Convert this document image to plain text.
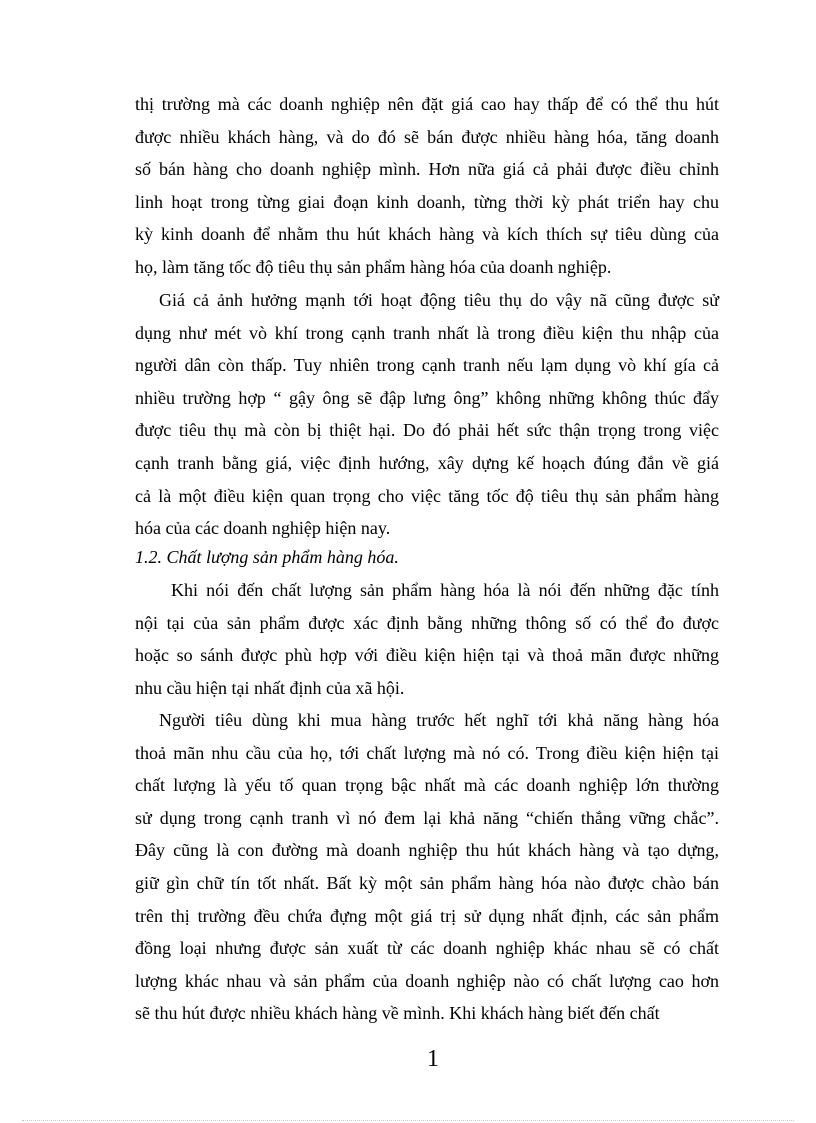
thị trường mà các doanh nghiệp nên đặt giá cao hay thấp để có thể thu hút
được nhiều khách hàng, và do đó sẽ bán được nhiều hàng hóa, tăng doanh
số bán hàng cho doanh nghiệp mình. Hơn nữa giá cả phải được điều chỉnh
linh hoạt trong từng giai đoạn kinh doanh, từng thời kỳ phát triển hay chu
kỳ kinh doanh để nhằm thu hút khách hàng và kích thích sự tiêu dùng của
họ, làm tăng tốc độ tiêu thụ sản phẩm hàng hóa của doanh nghiệp.
Giá cả ảnh hưởng mạnh tới hoạt động tiêu thụ do vậy nã cũng được sử
dụng như mét vò khí trong cạnh tranh nhất là trong điều kiện thu nhập của
người dân còn thấp. Tuy nhiên trong cạnh tranh nếu lạm dụng vò khí gía cả
nhiều trường hợp “ gậy ông sẽ đập lưng ông” không những không thúc đẩy
được tiêu thụ mà còn bị thiệt hại. Do đó phải hết sức thận trọng trong việc
cạnh tranh bằng giá, việc định hướng, xây dựng kế hoạch đúng đắn về giá
cả là một điều kiện quan trọng cho việc tăng tốc độ tiêu thụ sản phẩm hàng
hóa của các doanh nghiệp hiện nay.
1.2. Chất lượng sản phẩm hàng hóa.
Khi nói đến chất lượng sản phẩm hàng hóa là nói đến những đặc tính
nội tại của sản phẩm được xác định bằng những thông số có thể đo được
hoặc so sánh được phù hợp với điều kiện hiện tại và thoả mãn được những
nhu cầu hiện tại nhất định của xã hội.
Người tiêu dùng khi mua hàng trước hết nghĩ tới khả năng hàng hóa
thoả mãn nhu cầu của họ, tới chất lượng mà nó có. Trong điều kiện hiện tại
chất lượng là yếu tố quan trọng bậc nhất mà các doanh nghiệp lớn thường
sử dụng trong cạnh tranh vì nó đem lại khả năng “chiến thắng vững chắc”.
Đây cũng là con đường mà doanh nghiệp thu hút khách hàng và tạo dựng,
giữ gìn chữ tín tốt nhất. Bất kỳ một sản phẩm hàng hóa nào được chào bán
trên thị trường đều chứa đựng một giá trị sử dụng nhất định, các sản phẩm
đồng loại nhưng được sản xuất từ các doanh nghiệp khác nhau sẽ có chất
lượng khác nhau và sản phẩm của doanh nghiệp nào có chất lượng cao hơn
sẽ thu hút được nhiều khách hàng về mình. Khi khách hàng biết đến chất
1
